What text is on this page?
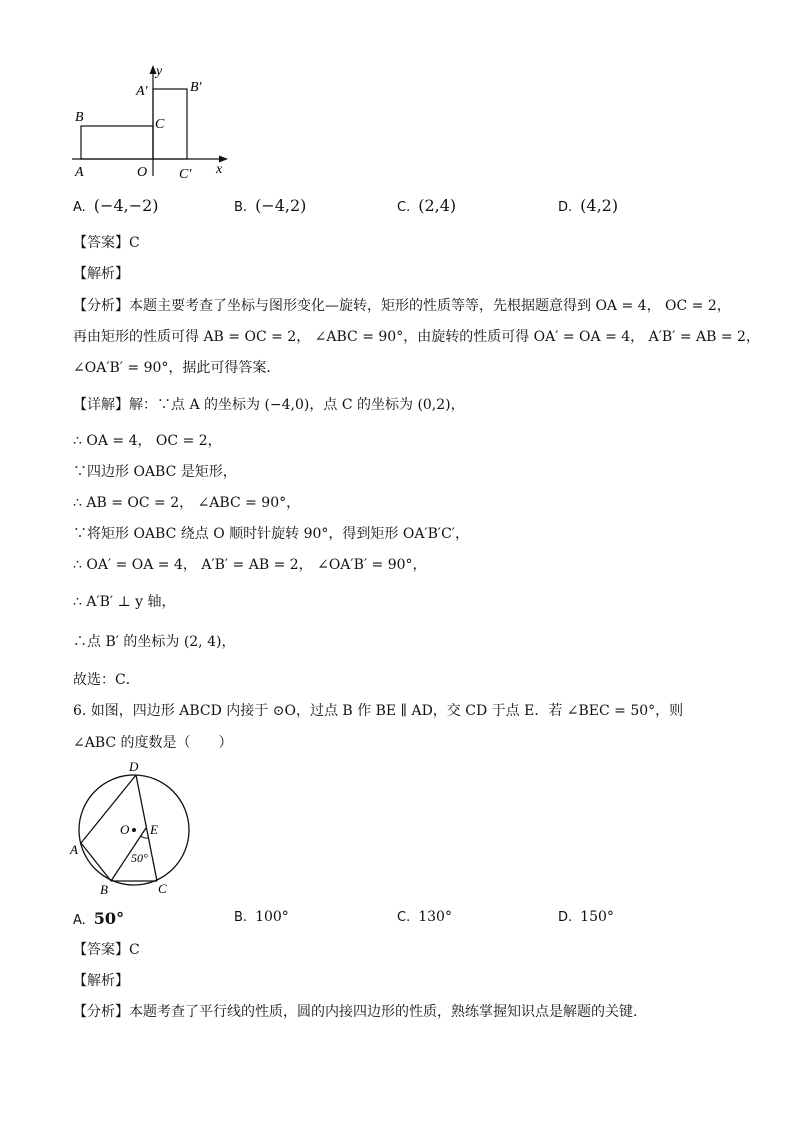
y
x
A′	B′
B	C
A	O C′
A. (−4,−2)	B. (−4,2)	C. (2,4)	D. (4,2)
【答案】C
【解析】
【分析】本题主要考查了坐标与图形变化—旋转，矩形的性质等等，先根据题意得到 OA = 4， OC = 2，
再由矩形的性质可得 AB = OC = 2， ∠ABC = 90°，由旋转的性质可得 OA′ = OA = 4， A′B′ = AB = 2，
∠OA′B′ = 90°，据此可得答案．
【详解】解：∵点 A 的坐标为 (−4,0)，点 C 的坐标为 (0,2)，
∴ OA = 4， OC = 2，
∵四边形 OABC 是矩形，
∴ AB = OC = 2， ∠ABC = 90°，
∵将矩形 OABC 绕点 O 顺时针旋转 90°，得到矩形 OA′B′C′，
∴ OA′ = OA = 4， A′B′ = AB = 2， ∠OA′B′ = 90°，
∴ A′B′ ⊥ y 轴，
∴点 B′ 的坐标为 (2, 4)，
故选：C．
6. 如图，四边形 ABCD 内接于 ⊙O，过点 B 作 BE ∥ AD，交 CD 于点 E．若 ∠BEC = 50°，则
∠ABC 的度数是（　　）
D
O E
A
50°
B	C
A. 50°	B. 100°	C. 130°	D. 150°
【答案】C
【解析】
【分析】本题考查了平行线的性质，圆的内接四边形的性质，熟练掌握知识点是解题的关键．
